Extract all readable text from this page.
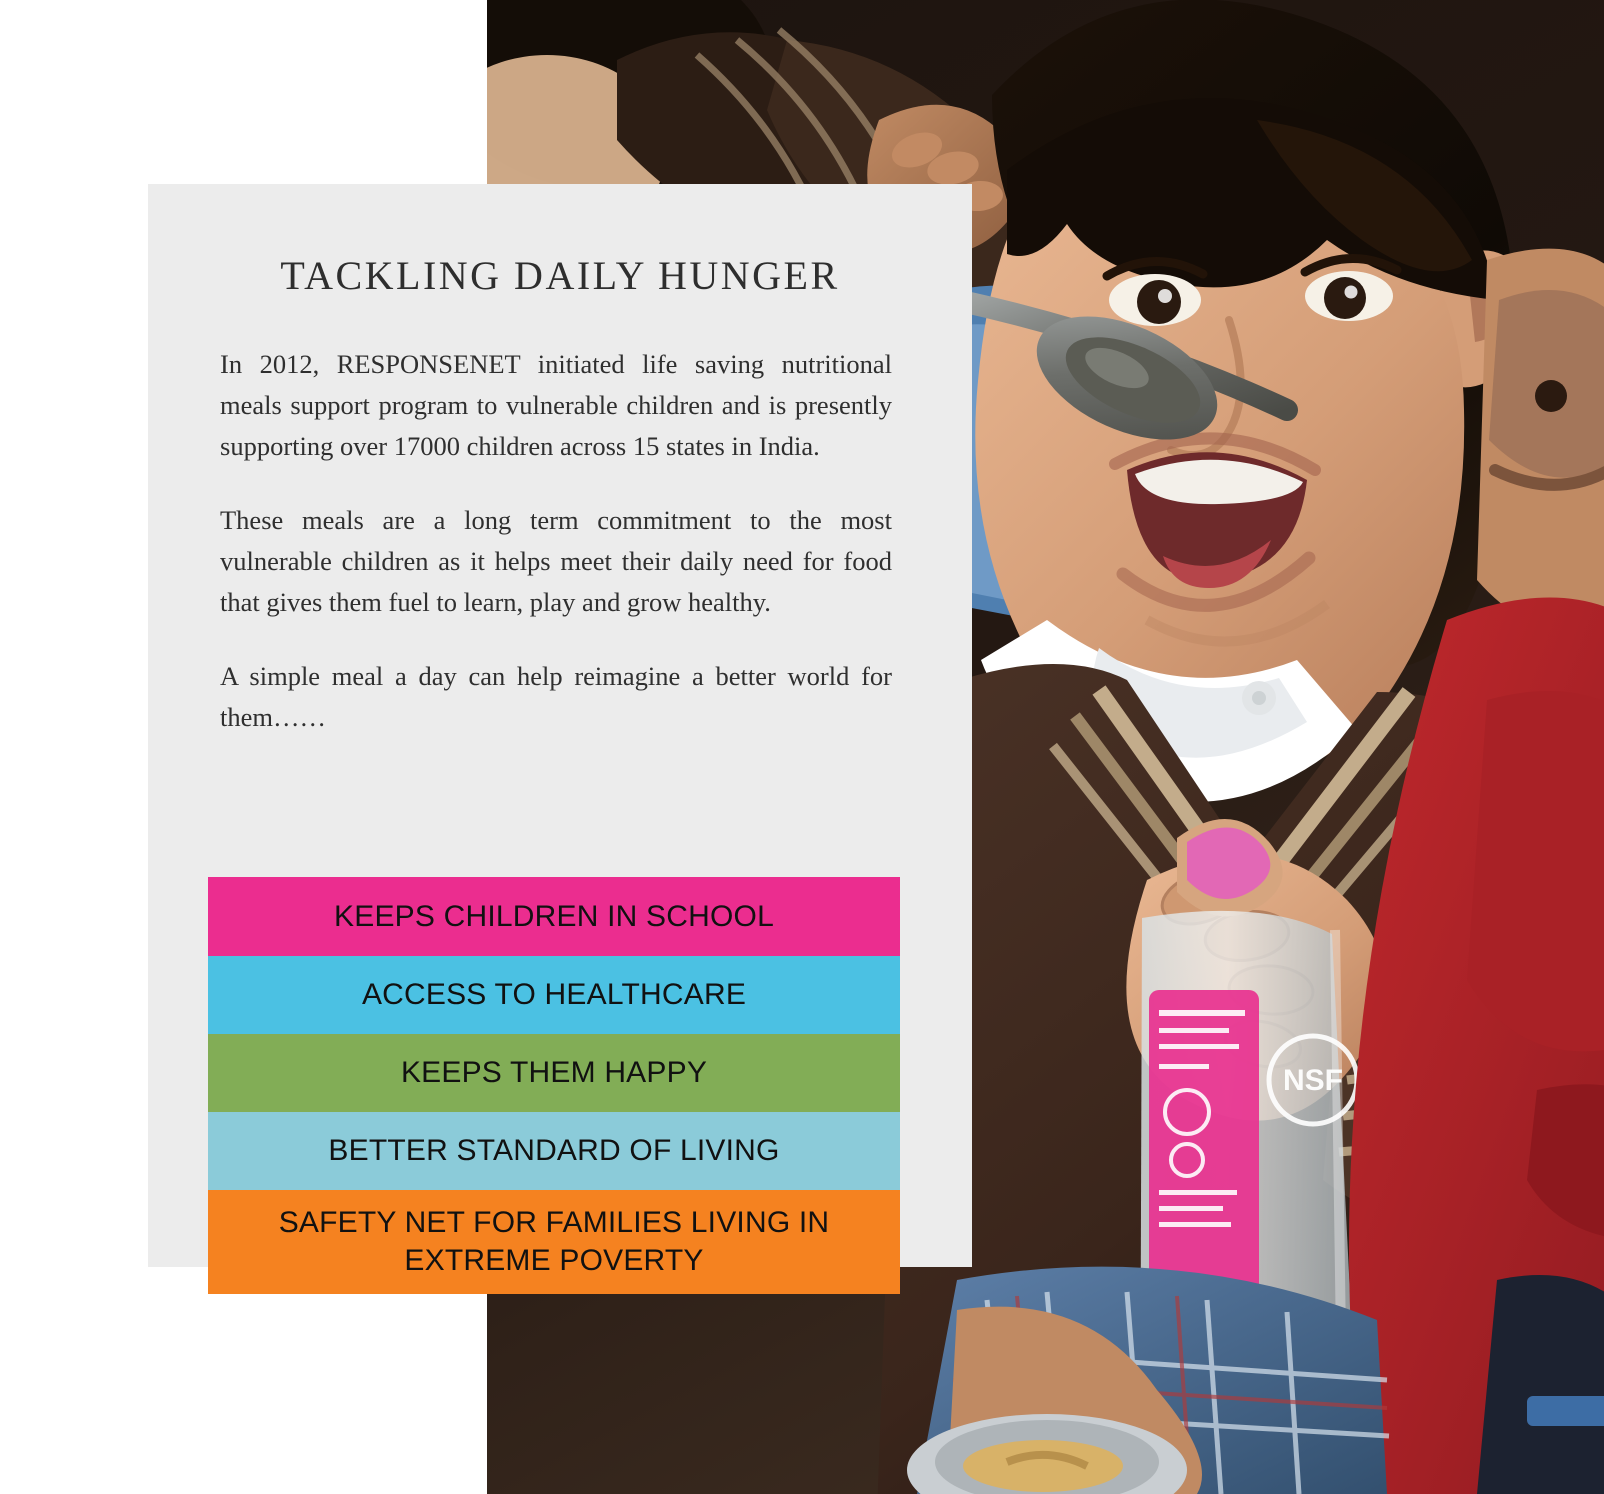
NSF
TACKLING DAILY HUNGER

In 2012, RESPONSENET initiated life saving nutritional meals support program to vulnerable children and is presently supporting over 17000 children across 15 states in India.

These meals are a long term commitment to the most vulnerable children as it helps meet their daily need for food that gives them fuel to learn, play and grow healthy.

A simple meal a day can help reimagine a better world for them……

KEEPS CHILDREN IN SCHOOL
ACCESS TO HEALTHCARE
KEEPS THEM HAPPY
BETTER STANDARD OF LIVING
SAFETY NET FOR FAMILIES LIVING IN EXTREME POVERTY
